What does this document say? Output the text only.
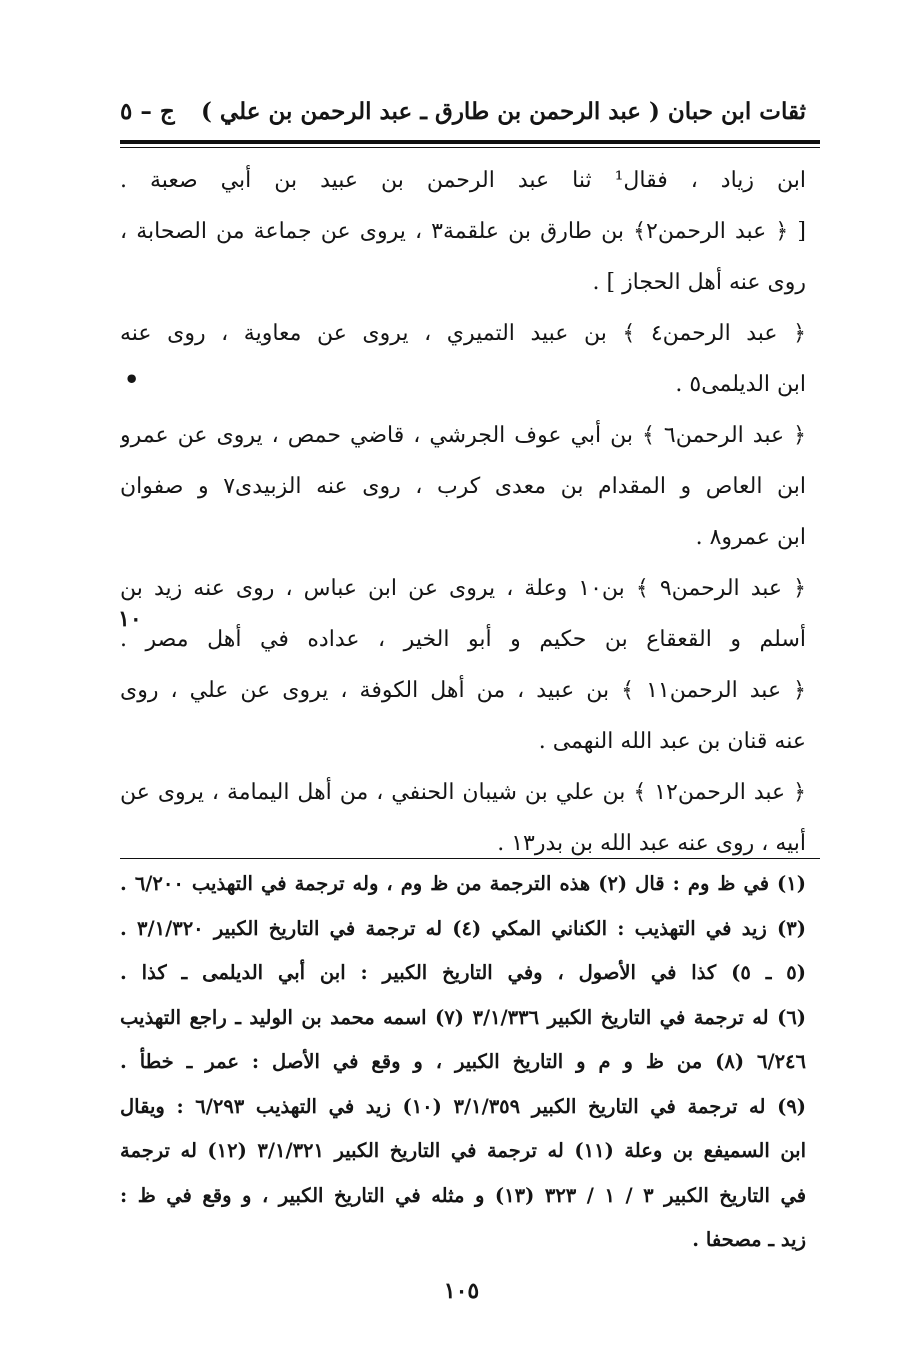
ثقات ابن حبان ( عبد الرحمن بن طارق ـ عبد الرحمن بن علي )
ج – ٥
ابن زياد ، فقال¹ ثنا عبد الرحمن بن عبيد بن أبي صعبة .
[ ﴿ عبد الرحمن٢﴾ بن طارق بن علقمة٣ ، يروى عن جماعة من الصحابة ،
روى عنه أهل الحجاز ] .
﴿ عبد الرحمن٤ ﴾ بن عبيد التميري ، يروى عن معاوية ، روى عنه
ابن الديلمى٥ .
﴿ عبد الرحمن٦ ﴾ بن أبي عوف الجرشي ، قاضي حمص ، يروى عن عمرو
ابن العاص و المقدام بن معدى كرب ، روى عنه الزبيدى٧ و صفوان
ابن عمرو٨ .
﴿ عبد الرحمن٩ ﴾ بن١٠ وعلة ، يروى عن ابن عباس ، روى عنه زيد بن
أسلم و القعقاع بن حكيم و أبو الخير ، عداده في أهل مصر .
﴿ عبد الرحمن١١ ﴾ بن عبيد ، من أهل الكوفة ، يروى عن علي ، روى
عنه قنان بن عبد الله النهمى .
﴿ عبد الرحمن١٢ ﴾ بن علي بن شيبان الحنفي ، من أهل اليمامة ، يروى عن
أبيه ، روى عنه عبد الله بن بدر١٣ .
•
١٠
(١) في ظ وم : قال (٢) هذه الترجمة من ظ وم ، وله ترجمة في التهذيب ٦/٢٠٠ .
(٣) زيد في التهذيب : الكناني المكي (٤) له ترجمة في التاريخ الكبير ٣/١/٣٢٠ .
(٥ ـ ٥) كذا في الأصول ، وفي التاريخ الكبير : ابن أبي الديلمى ـ كذا .
(٦) له ترجمة في التاريخ الكبير ٣/١/٣٣٦ (٧) اسمه محمد بن الوليد ـ راجع التهذيب
٦/٢٤٦ (٨) من ظ و م و التاريخ الكبير ، و وقع في الأصل : عمر ـ خطأ .
(٩) له ترجمة في التاريخ الكبير ٣/١/٣٥٩ (١٠) زيد في التهذيب ٦/٢٩٣ : ويقال
ابن السميفع بن وعلة (١١) له ترجمة في التاريخ الكبير ٣/١/٣٢١ (١٢) له ترجمة
في التاريخ الكبير ٣ / ١ / ٣٢٣ (١٣) و مثله في التاريخ الكبير ، و وقع في ظ :
زيد ـ مصحفا .
١٠٥
